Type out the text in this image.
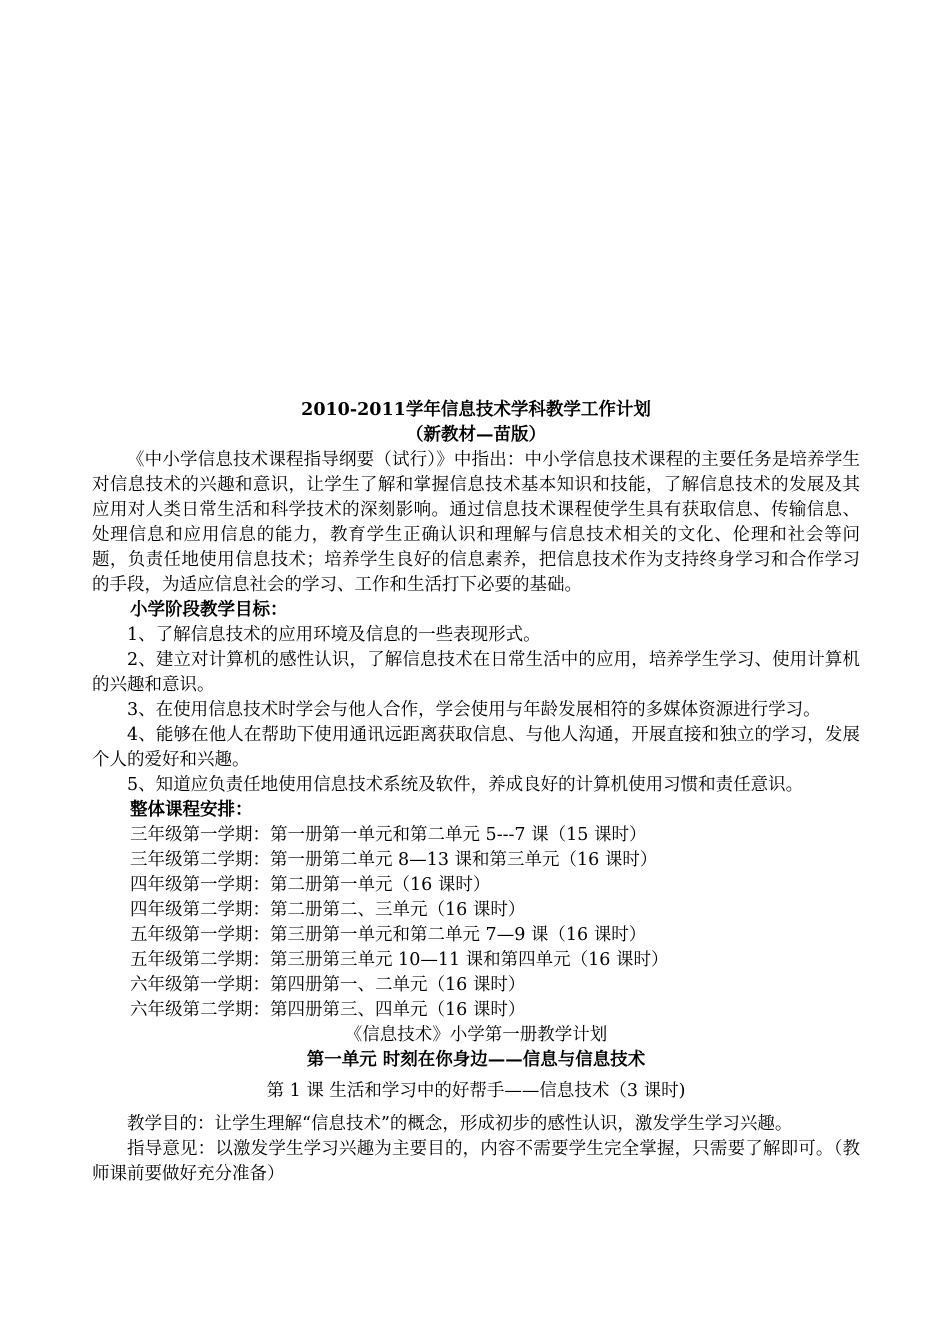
2010-2011学年信息技术学科教学工作计划
（新教材—苗版）
《中小学信息技术课程指导纲要（试行）》中指出：中小学信息技术课程的主要任务是培养学生对信息技术的兴趣和意识，让学生了解和掌握信息技术基本知识和技能，了解信息技术的发展及其应用对人类日常生活和科学技术的深刻影响。通过信息技术课程使学生具有获取信息、传输信息、处理信息和应用信息的能力，教育学生正确认识和理解与信息技术相关的文化、伦理和社会等问题，负责任地使用信息技术；培养学生良好的信息素养，把信息技术作为支持终身学习和合作学习的手段，为适应信息社会的学习、工作和生活打下必要的基础。
小学阶段教学目标：
1、了解信息技术的应用环境及信息的一些表现形式。
2、建立对计算机的感性认识，了解信息技术在日常生活中的应用，培养学生学习、使用计算机的兴趣和意识。
3、在使用信息技术时学会与他人合作，学会使用与年龄发展相符的多媒体资源进行学习。
4、能够在他人在帮助下使用通讯远距离获取信息、与他人沟通，开展直接和独立的学习，发展个人的爱好和兴趣。
5、知道应负责任地使用信息技术系统及软件，养成良好的计算机使用习惯和责任意识。
整体课程安排：
三年级第一学期：第一册第一单元和第二单元 5---7 课（15 课时）
三年级第二学期：第一册第二单元 8—13 课和第三单元（16 课时）
四年级第一学期：第二册第一单元（16 课时）
四年级第二学期：第二册第二、三单元（16 课时）
五年级第一学期：第三册第一单元和第二单元 7—9 课（16 课时）
五年级第二学期：第三册第三单元 10—11 课和第四单元（16 课时）
六年级第一学期：第四册第一、二单元（16 课时）
六年级第二学期：第四册第三、四单元（16 课时）
《信息技术》小学第一册教学计划
第一单元 时刻在你身边——信息与信息技术
第 1 课 生活和学习中的好帮手——信息技术（3 课时)
教学目的：让学生理解“信息技术”的概念，形成初步的感性认识，激发学生学习兴趣。
指导意见：以激发学生学习兴趣为主要目的，内容不需要学生完全掌握，只需要了解即可。（教师课前要做好充分准备）
